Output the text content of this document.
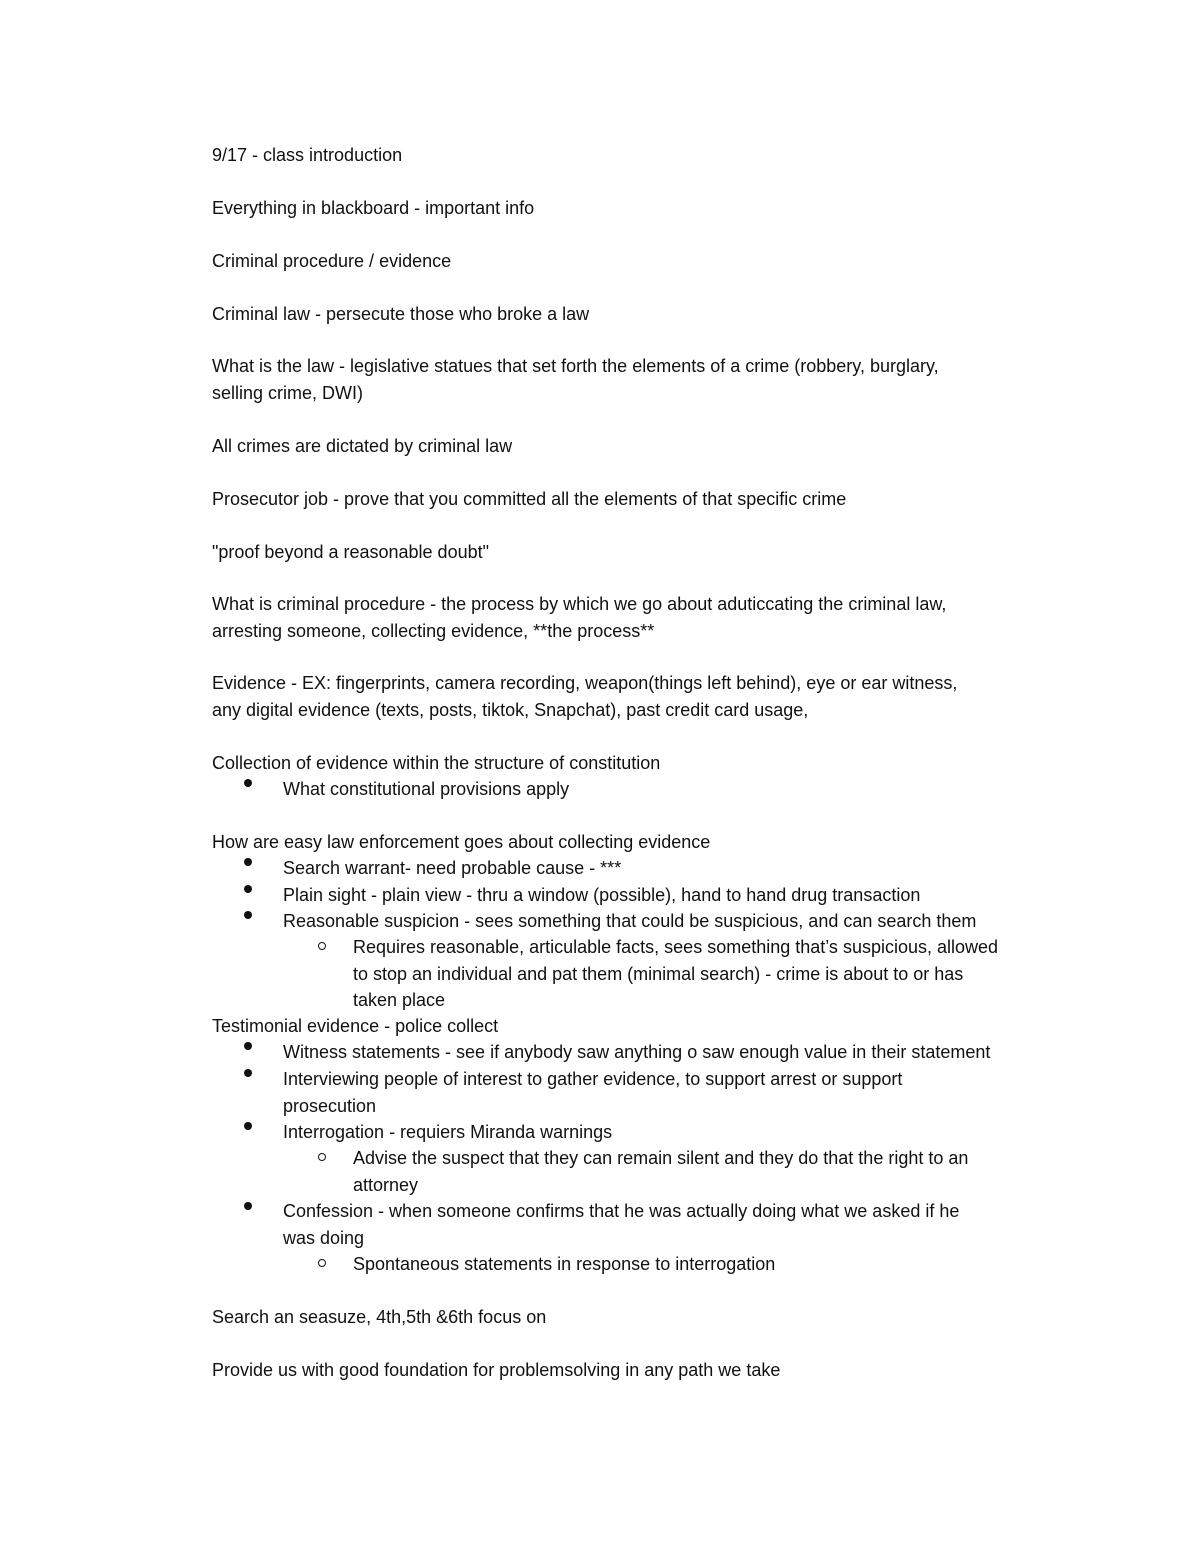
9/17 - class introduction
Everything in blackboard - important info
Criminal procedure / evidence
Criminal law - persecute those who broke a law
What is the law - legislative statues that set forth the elements of a crime (robbery, burglary,
selling crime, DWI)
All crimes are dictated by criminal law
Prosecutor job - prove that you committed all the elements of that specific crime
"proof beyond a reasonable doubt"
What is criminal procedure - the process by which we go about aduticcating the criminal law,
arresting someone, collecting evidence, **the process**
Evidence - EX: fingerprints, camera recording, weapon(things left behind), eye or ear witness,
any digital evidence (texts, posts, tiktok, Snapchat), past credit card usage,
Collection of evidence within the structure of constitution
What constitutional provisions apply
How are easy law enforcement goes about collecting evidence
Search warrant- need probable cause - ***
Plain sight - plain view - thru a window (possible), hand to hand drug transaction
Reasonable suspicion - sees something that could be suspicious, and can search them
Requires reasonable, articulable facts, sees something that’s suspicious, allowed
to stop an individual and pat them (minimal search) - crime is about to or has
taken place
Testimonial evidence - police collect
Witness statements - see if anybody saw anything o saw enough value in their statement
Interviewing people of interest to gather evidence, to support arrest or support
prosecution
Interrogation - requiers Miranda warnings
Advise the suspect that they can remain silent and they do that the right to an
attorney
Confession - when someone confirms that he was actually doing what we asked if he
was doing
Spontaneous statements in response to interrogation
Search an seasuze, 4th,5th &6th focus on
Provide us with good foundation for problemsolving in any path we take
